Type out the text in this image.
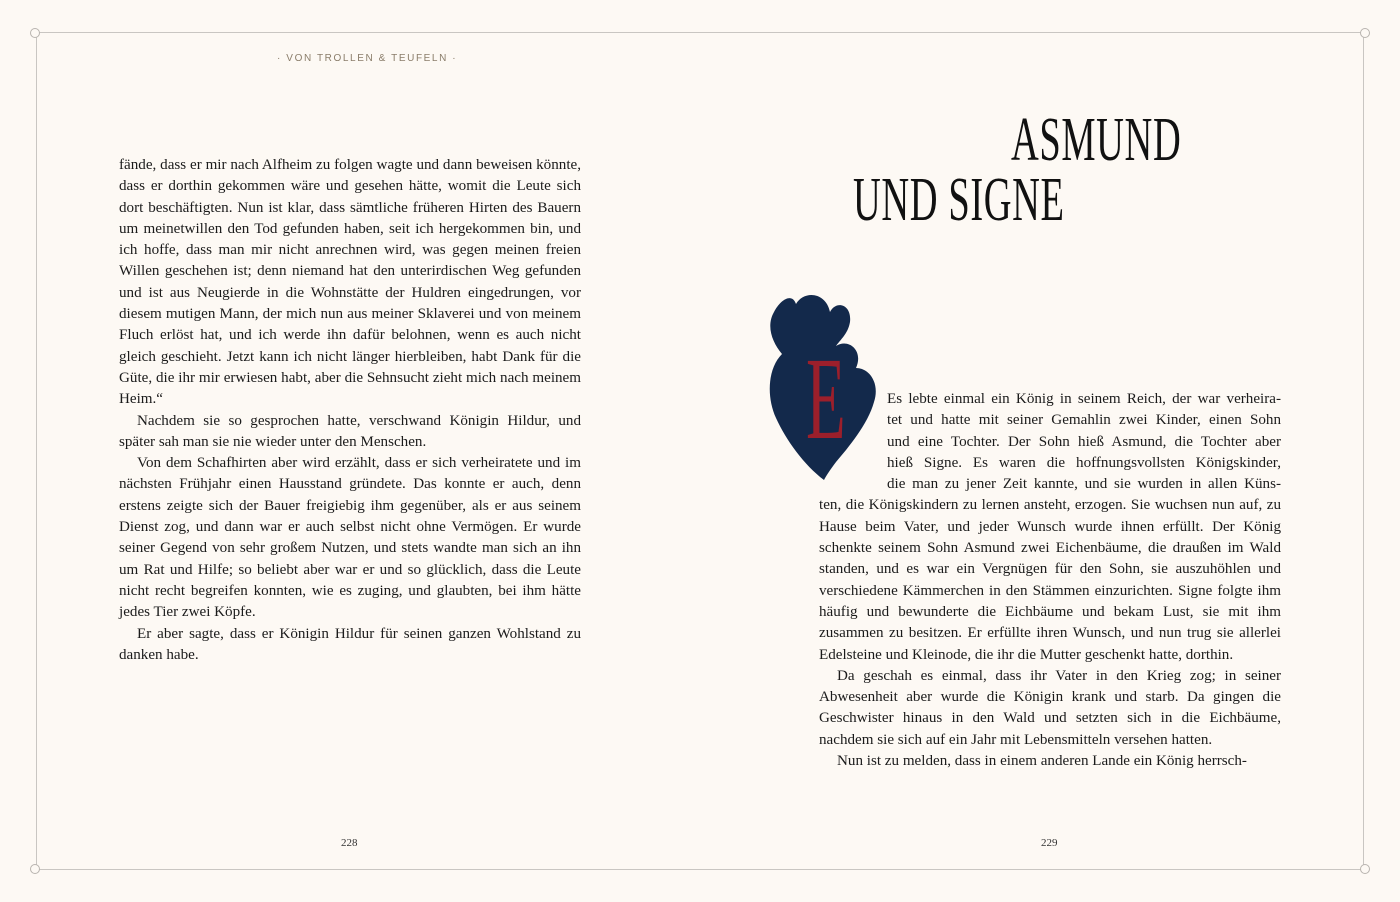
· VON TROLLEN & TEUFELN ·

fände, dass er mir nach Alfheim zu folgen wagte und dann beweisen könnte, dass er dorthin gekommen wäre und gesehen hätte, womit die Leute sich dort beschäftigten. Nun ist klar, dass sämtliche früheren Hirten des Bauern um meinetwillen den Tod gefunden haben, seit ich hergekommen bin, und ich hoffe, dass man mir nicht anrechnen wird, was gegen meinen freien Willen geschehen ist; denn niemand hat den unterirdischen Weg gefunden und ist aus Neugierde in die Wohnstätte der Huldren eingedrungen, vor diesem mutigen Mann, der mich nun aus meiner Sklaverei und von meinem Fluch erlöst hat, und ich werde ihn dafür belohnen, wenn es auch nicht gleich geschieht. Jetzt kann ich nicht länger hierbleiben, habt Dank für die Güte, die ihr mir erwiesen habt, aber die Sehnsucht zieht mich nach meinem Heim.“

Nachdem sie so gesprochen hatte, verschwand Königin Hildur, und später sah man sie nie wieder unter den Menschen.

Von dem Schafhirten aber wird erzählt, dass er sich verheiratete und im nächsten Frühjahr einen Hausstand gründete. Das konnte er auch, denn erstens zeigte sich der Bauer freigiebig ihm gegenüber, als er aus seinem Dienst zog, und dann war er auch selbst nicht ohne Vermögen. Er wurde seiner Gegend von sehr großem Nutzen, und stets wandte man sich an ihn um Rat und Hilfe; so beliebt aber war er und so glücklich, dass die Leute nicht recht begreifen konnten, wie es zuging, und glaubten, bei ihm hätte jedes Tier zwei Köpfe.

Er aber sagte, dass er Königin Hildur für seinen ganzen Wohlstand zu danken habe.

228
ASMUND
UND SIGNE
E	Es lebte einmal ein König in seinem Reich, der war verheira-
tet und hatte mit seiner Gemahlin zwei Kinder, einen Sohn
und eine Tochter. Der Sohn hieß Asmund, die Tochter aber
hieß Signe. Es waren die hoffnungsvollsten Königskinder,
die man zu jener Zeit kannte, und sie wurden in allen Küns-

ten, die Königskindern zu lernen ansteht, erzogen. Sie wuchsen nun auf, zu Hause beim Vater, und jeder Wunsch wurde ihnen erfüllt. Der König schenkte seinem Sohn Asmund zwei Eichenbäume, die draußen im Wald standen, und es war ein Vergnügen für den Sohn, sie auszuhöhlen und verschiedene Kämmerchen in den Stämmen einzurichten. Signe folgte ihm häufig und bewunderte die Eichbäume und bekam Lust, sie mit ihm zusammen zu besitzen. Er erfüllte ihren Wunsch, und nun trug sie allerlei Edelsteine und Kleinode, die ihr die Mutter geschenkt hatte, dorthin.

Da geschah es einmal, dass ihr Vater in den Krieg zog; in seiner Abwesenheit aber wurde die Königin krank und starb. Da gingen die Geschwister hinaus in den Wald und setzten sich in die Eichbäume, nachdem sie sich auf ein Jahr mit Lebensmitteln versehen hatten.

Nun ist zu melden, dass in einem anderen Lande ein König herrsch-

229
